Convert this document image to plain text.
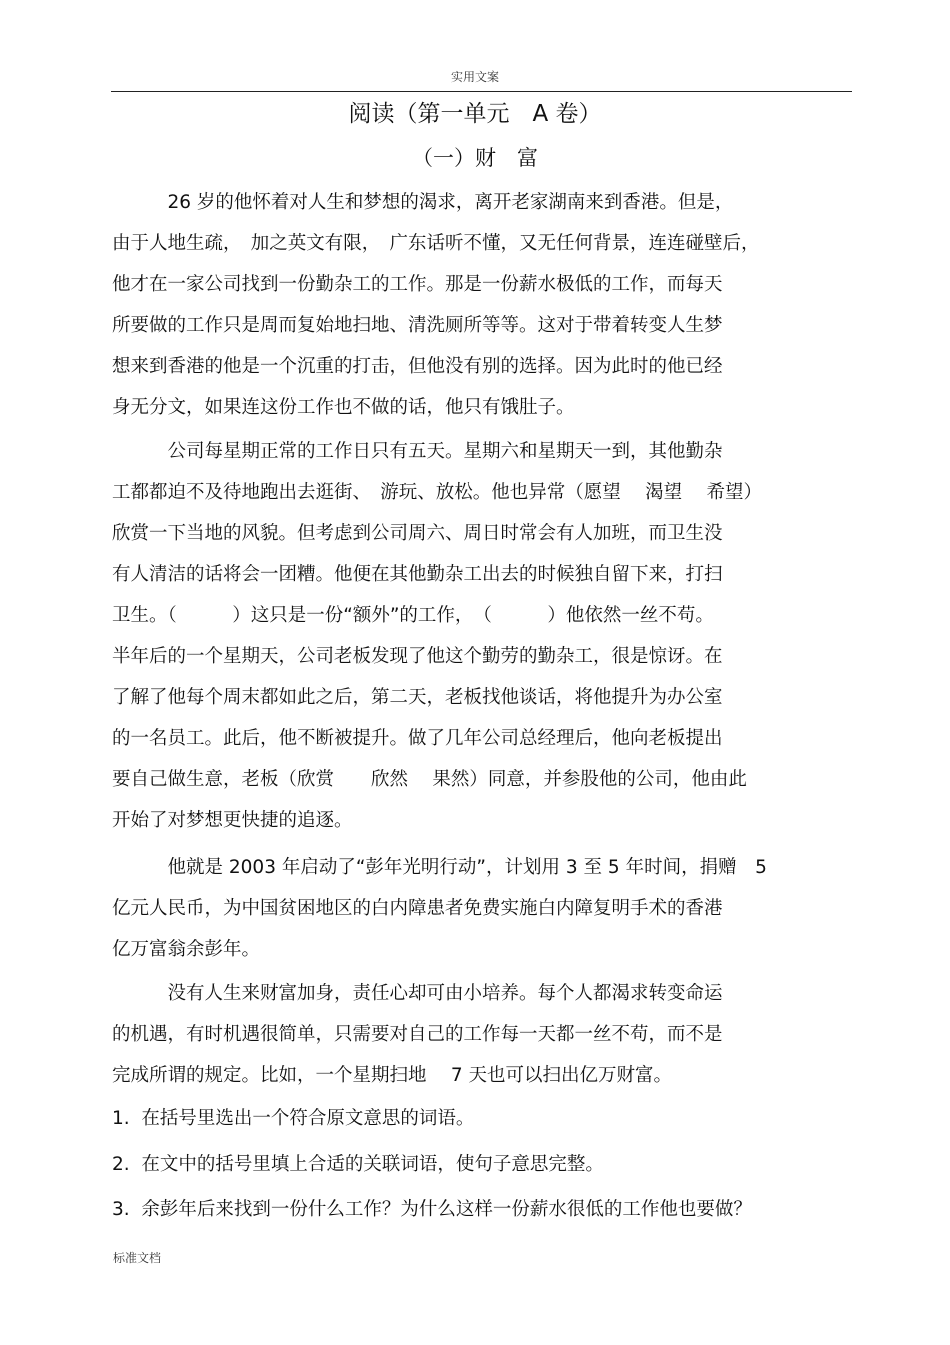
实用文案
阅读（第一单元　A 卷）
（一）财　富
　　　26 岁的他怀着对人生和梦想的渴求，离开老家湖南来到香港。但是，
由于人地生疏，　加之英文有限，　广东话听不懂，又无任何背景，连连碰壁后，
他才在一家公司找到一份勤杂工的工作。那是一份薪水极低的工作，而每天
所要做的工作只是周而复始地扫地、清洗厕所等等。这对于带着转变人生梦
想来到香港的他是一个沉重的打击，但他没有别的选择。因为此时的他已经
身无分文，如果连这份工作也不做的话，他只有饿肚子。
　　　公司每星期正常的工作日只有五天。星期六和星期天一到，其他勤杂
工都都迫不及待地跑出去逛街、　游玩、放松。他也异常（愿望　 渴望　 希望）
欣赏一下当地的风貌。但考虑到公司周六、周日时常会有人加班，而卫生没
有人清洁的话将会一团糟。他便在其他勤杂工出去的时候独自留下来，打扫
卫生。（　　　）这只是一份“额外”的工作，　（　　　）他依然一丝不苟。
半年后的一个星期天，公司老板发现了他这个勤劳的勤杂工，很是惊讶。在
了解了他每个周末都如此之后，第二天，老板找他谈话，将他提升为办公室
的一名员工。此后，他不断被提升。做了几年公司总经理后，他向老板提出
要自己做生意，老板（欣赏　　欣然　 果然）同意，并参股他的公司，他由此
开始了对梦想更快捷的追逐。
　　　他就是 2003 年启动了“彭年光明行动”，计划用 3 至 5 年时间，捐赠　5
亿元人民币，为中国贫困地区的白内障患者免费实施白内障复明手术的香港
亿万富翁余彭年。
　　　没有人生来财富加身，责任心却可由小培养。每个人都渴求转变命运
的机遇，有时机遇很简单，只需要对自己的工作每一天都一丝不苟，而不是
完成所谓的规定。比如，一个星期扫地　 7 天也可以扫出亿万财富。
1.  在括号里选出一个符合原文意思的词语。
2.  在文中的括号里填上合适的关联词语，使句子意思完整。
3.  余彭年后来找到一份什么工作？为什么这样一份薪水很低的工作他也要做？
标准文档
